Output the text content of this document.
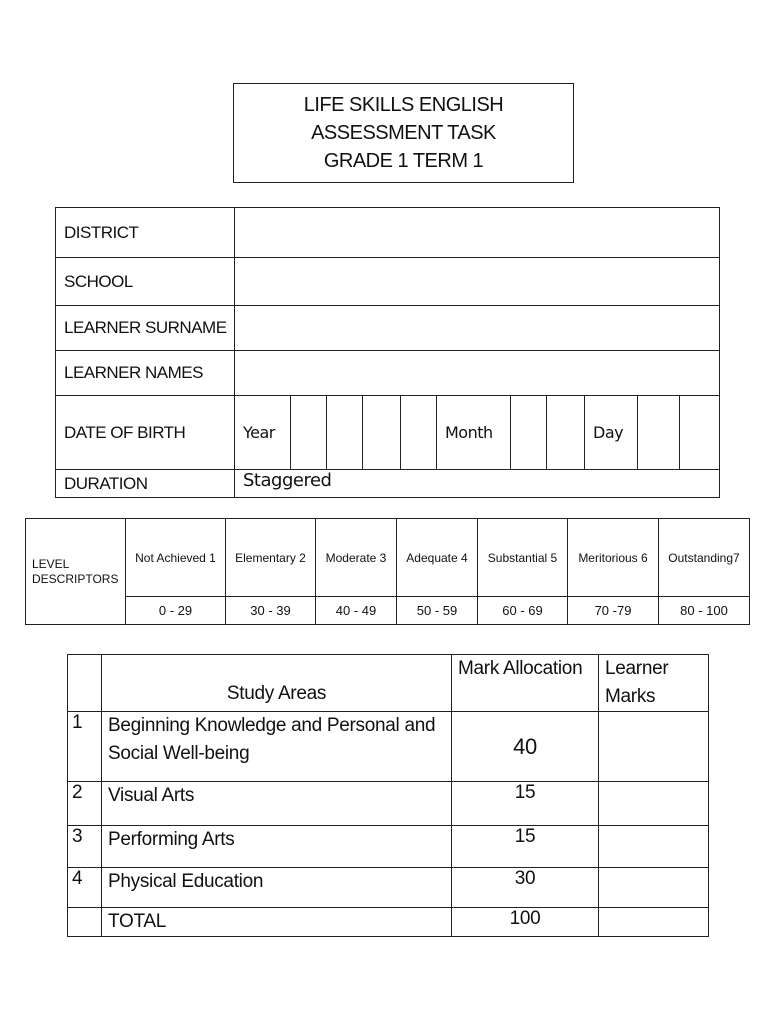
LIFE SKILLS ENGLISH
ASSESSMENT TASK
GRADE 1 TERM 1
DISTRICT											
SCHOOL											
LEARNER SURNAME											
LEARNER NAMES											
DATE OF BIRTH	Year					Month			Day		
DURATION	Staggered										
LEVEL DESCRIPTORS	Not Achieved 1	Elementary 2	Moderate 3	Adequate 4	Substantial 5	Meritorious 6	Outstanding7
	0 - 29	30 - 39	40 - 49	50 - 59	60 - 69	70 -79	80 - 100
	Study Areas	Mark Allocation	Learner Marks
1	Beginning Knowledge and Personal and Social Well-being	40	
2	Visual Arts	15	
3	Performing Arts	15	
4	Physical Education	30	
	TOTAL	100	
